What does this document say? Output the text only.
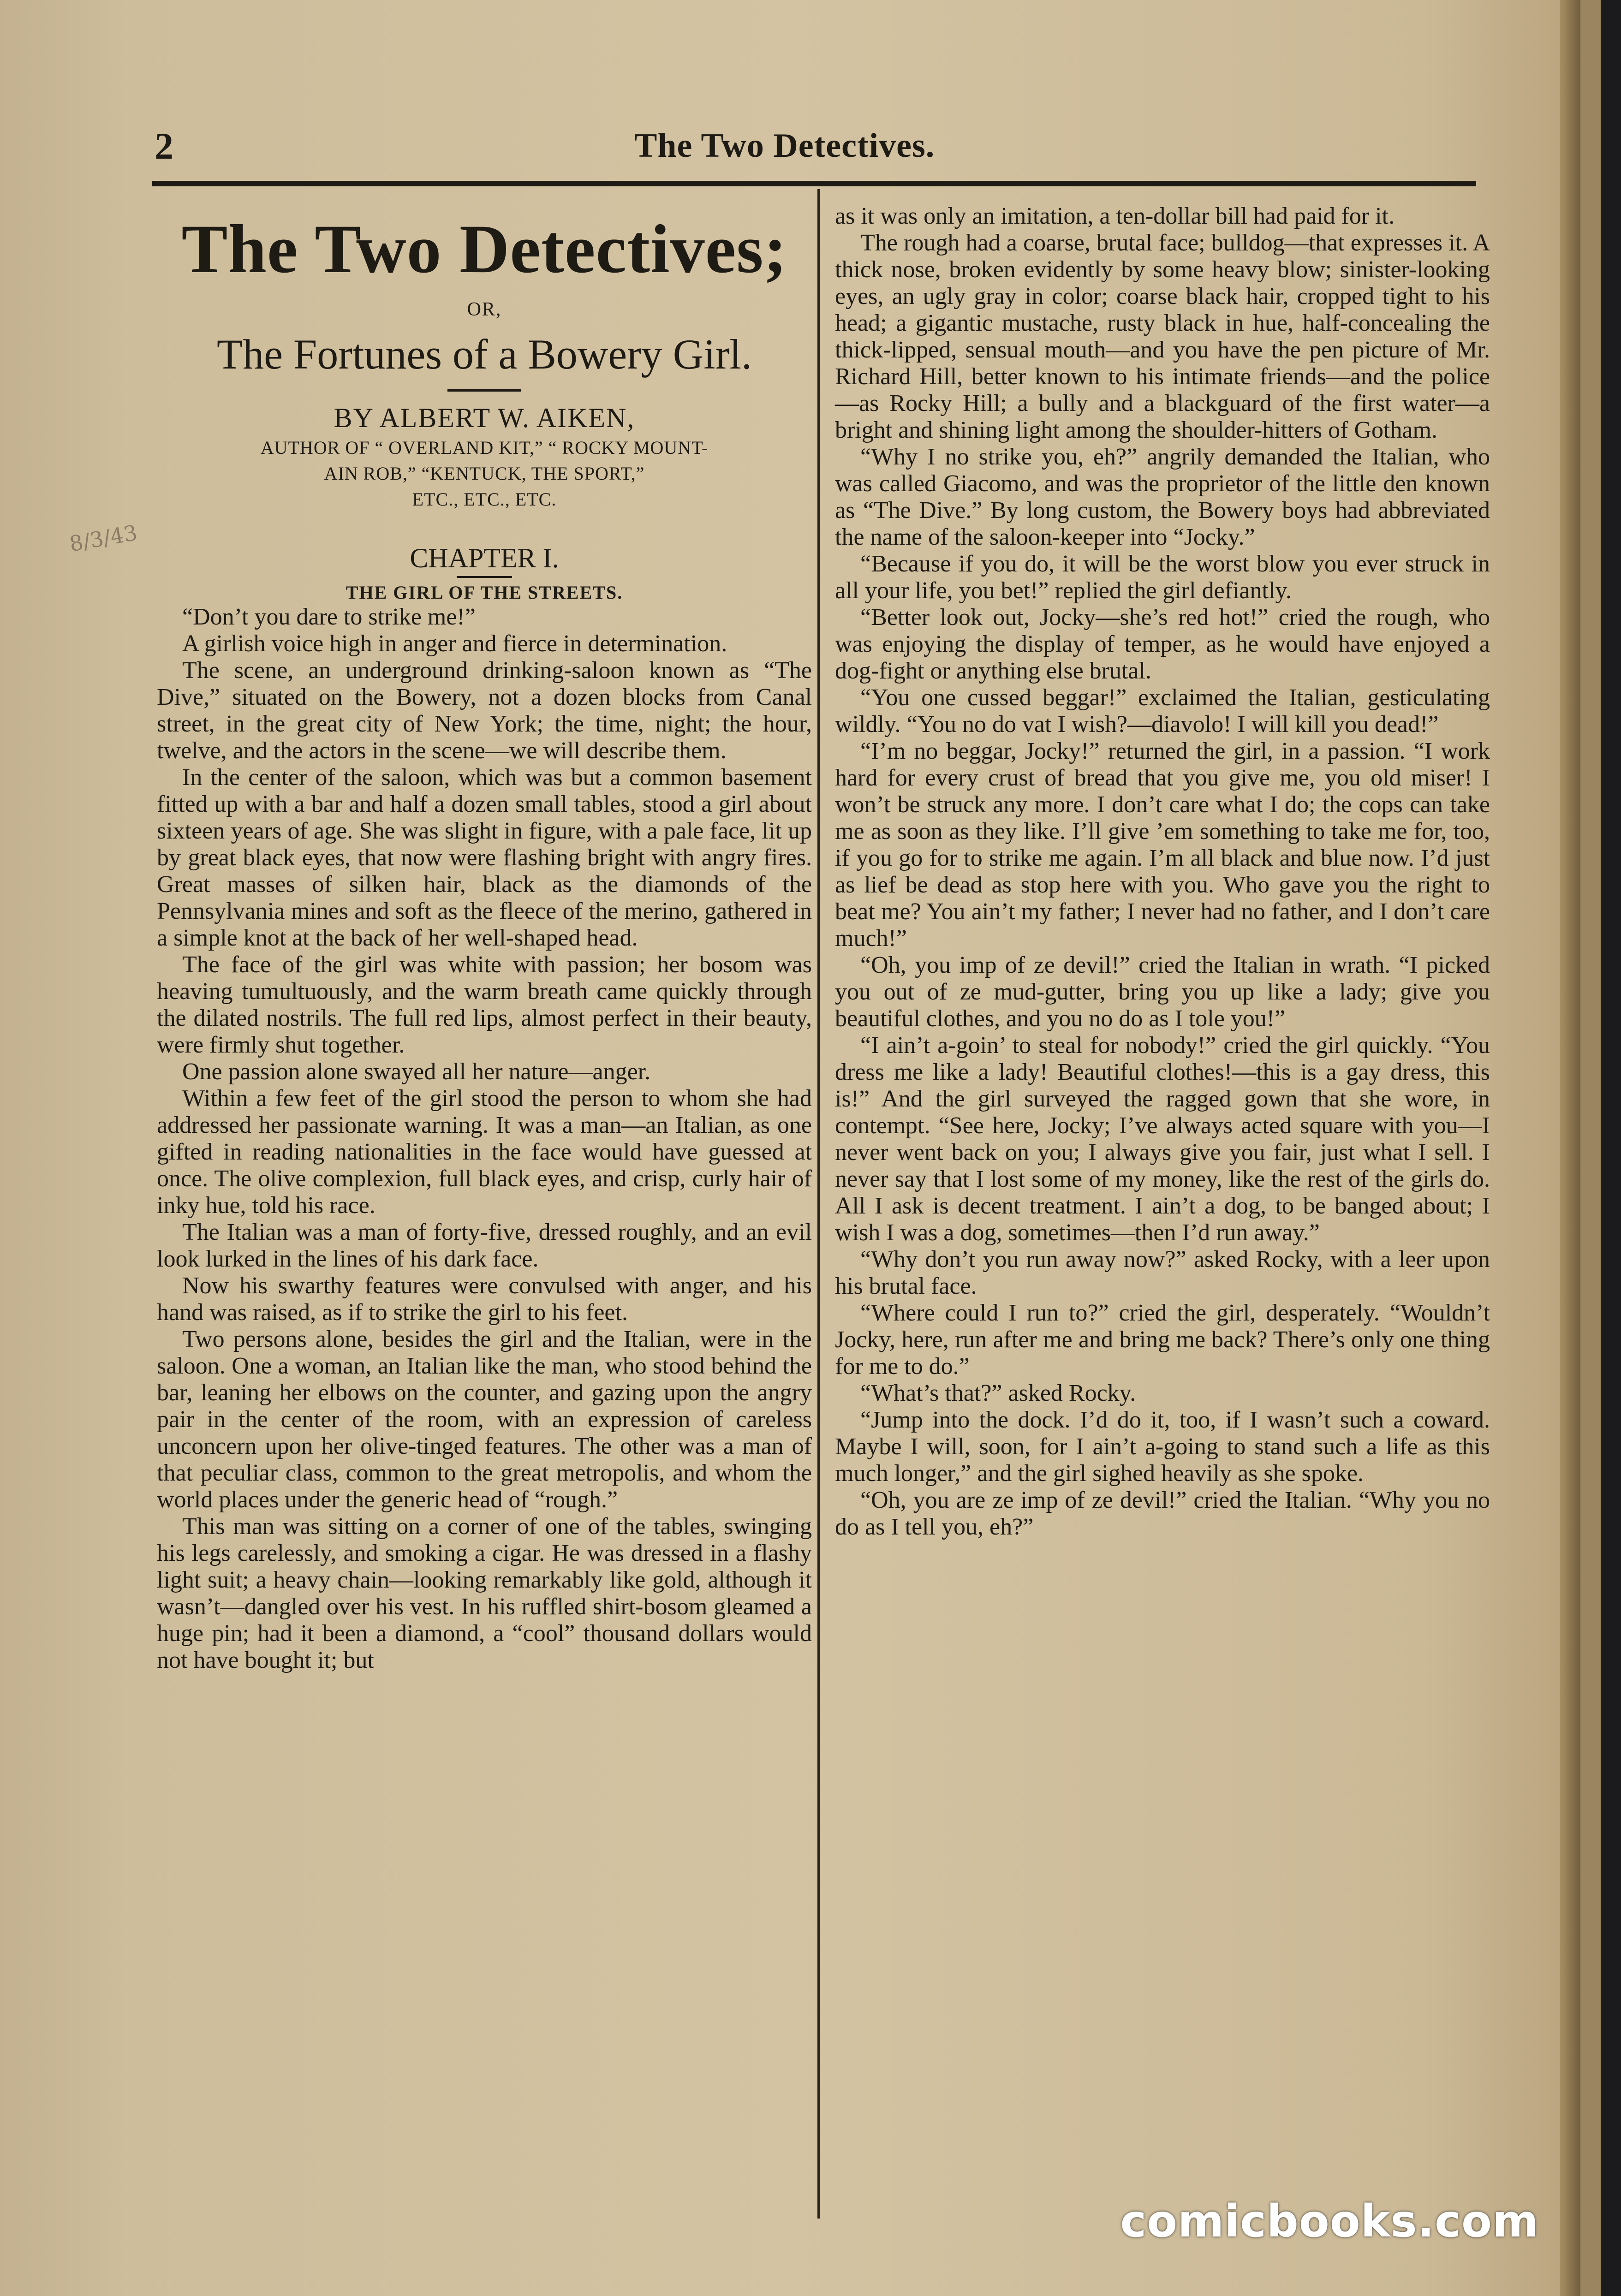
2	The Two Detectives.
8/3/43
The Two Detectives;
OR,
The Fortunes of a Bowery Girl.
BY ALBERT W. AIKEN,
AUTHOR OF “ OVERLAND KIT,” “ ROCKY MOUNT-
AIN ROB,” “KENTUCK, THE SPORT,”
ETC., ETC., ETC.
CHAPTER I.
THE GIRL OF THE STREETS.

“Don’t you dare to strike me!”

A girlish voice high in anger and fierce in determination.

The scene, an underground drinking-saloon known as “The Dive,” situated on the Bowery, not a dozen blocks from Canal street, in the great city of New York; the time, night; the hour, twelve, and the actors in the scene—we will describe them.

In the center of the saloon, which was but a common basement fitted up with a bar and half a dozen small tables, stood a girl about sixteen years of age. She was slight in figure, with a pale face, lit up by great black eyes, that now were flashing bright with angry fires. Great masses of silken hair, black as the diamonds of the Pennsylvania mines and soft as the fleece of the merino, gathered in a simple knot at the back of her well-shaped head.

The face of the girl was white with passion; her bosom was heaving tumultuously, and the warm breath came quickly through the dilated nostrils. The full red lips, almost perfect in their beauty, were firmly shut together.

One passion alone swayed all her nature—anger.

Within a few feet of the girl stood the person to whom she had addressed her passionate warning. It was a man—an Italian, as one gifted in reading nationalities in the face would have guessed at once. The olive complexion, full black eyes, and crisp, curly hair of inky hue, told his race.

The Italian was a man of forty-five, dressed roughly, and an evil look lurked in the lines of his dark face.

Now his swarthy features were convulsed with anger, and his hand was raised, as if to strike the girl to his feet.

Two persons alone, besides the girl and the Italian, were in the saloon. One a woman, an Italian like the man, who stood behind the bar, leaning her elbows on the counter, and gazing upon the angry pair in the center of the room, with an expression of careless unconcern upon her olive-tinged features. The other was a man of that peculiar class, common to the great metropolis, and whom the world places under the generic head of “rough.”

This man was sitting on a corner of one of the tables, swinging his legs carelessly, and smoking a cigar. He was dressed in a flashy light suit; a heavy chain—looking remarkably like gold, although it wasn’t—dangled over his vest. In his ruffled shirt-bosom gleamed a huge pin; had it been a diamond, a “cool” thousand dollars would not have bought it; but

as it was only an imitation, a ten-dollar bill had paid for it.

The rough had a coarse, brutal face; bulldog—that expresses it. A thick nose, broken evidently by some heavy blow; sinister-looking eyes, an ugly gray in color; coarse black hair, cropped tight to his head; a gigantic mustache, rusty black in hue, half-concealing the thick-lipped, sensual mouth—and you have the pen picture of Mr. Richard Hill, better known to his intimate friends—and the police—as Rocky Hill; a bully and a blackguard of the first water—a bright and shining light among the shoulder-hitters of Gotham.

“Why I no strike you, eh?” angrily demanded the Italian, who was called Giacomo, and was the proprietor of the little den known as “The Dive.” By long custom, the Bowery boys had abbreviated the name of the saloon-keeper into “Jocky.”

“Because if you do, it will be the worst blow you ever struck in all your life, you bet!” replied the girl defiantly.

“Better look out, Jocky—she’s red hot!” cried the rough, who was enjoying the display of temper, as he would have enjoyed a dog-fight or anything else brutal.

“You one cussed beggar!” exclaimed the Italian, gesticulating wildly. “You no do vat I wish?—diavolo! I will kill you dead!”

“I’m no beggar, Jocky!” returned the girl, in a passion. “I work hard for every crust of bread that you give me, you old miser! I won’t be struck any more. I don’t care what I do; the cops can take me as soon as they like. I’ll give ’em something to take me for, too, if you go for to strike me again. I’m all black and blue now. I’d just as lief be dead as stop here with you. Who gave you the right to beat me? You ain’t my father; I never had no father, and I don’t care much!”

“Oh, you imp of ze devil!” cried the Italian in wrath. “I picked you out of ze mud-gutter, bring you up like a lady; give you beautiful clothes, and you no do as I tole you!”

“I ain’t a-goin’ to steal for nobody!” cried the girl quickly. “You dress me like a lady! Beautiful clothes!—this is a gay dress, this is!” And the girl surveyed the ragged gown that she wore, in contempt. “See here, Jocky; I’ve always acted square with you—I never went back on you; I always give you fair, just what I sell. I never say that I lost some of my money, like the rest of the girls do. All I ask is decent treatment. I ain’t a dog, to be banged about; I wish I was a dog, sometimes—then I’d run away.”

“Why don’t you run away now?” asked Rocky, with a leer upon his brutal face.

“Where could I run to?” cried the girl, desperately. “Wouldn’t Jocky, here, run after me and bring me back? There’s only one thing for me to do.”

“What’s that?” asked Rocky.

“Jump into the dock. I’d do it, too, if I wasn’t such a coward. Maybe I will, soon, for I ain’t a-going to stand such a life as this much longer,” and the girl sighed heavily as she spoke.

“Oh, you are ze imp of ze devil!” cried the Italian. “Why you no do as I tell you, eh?”

comicbooks.com
